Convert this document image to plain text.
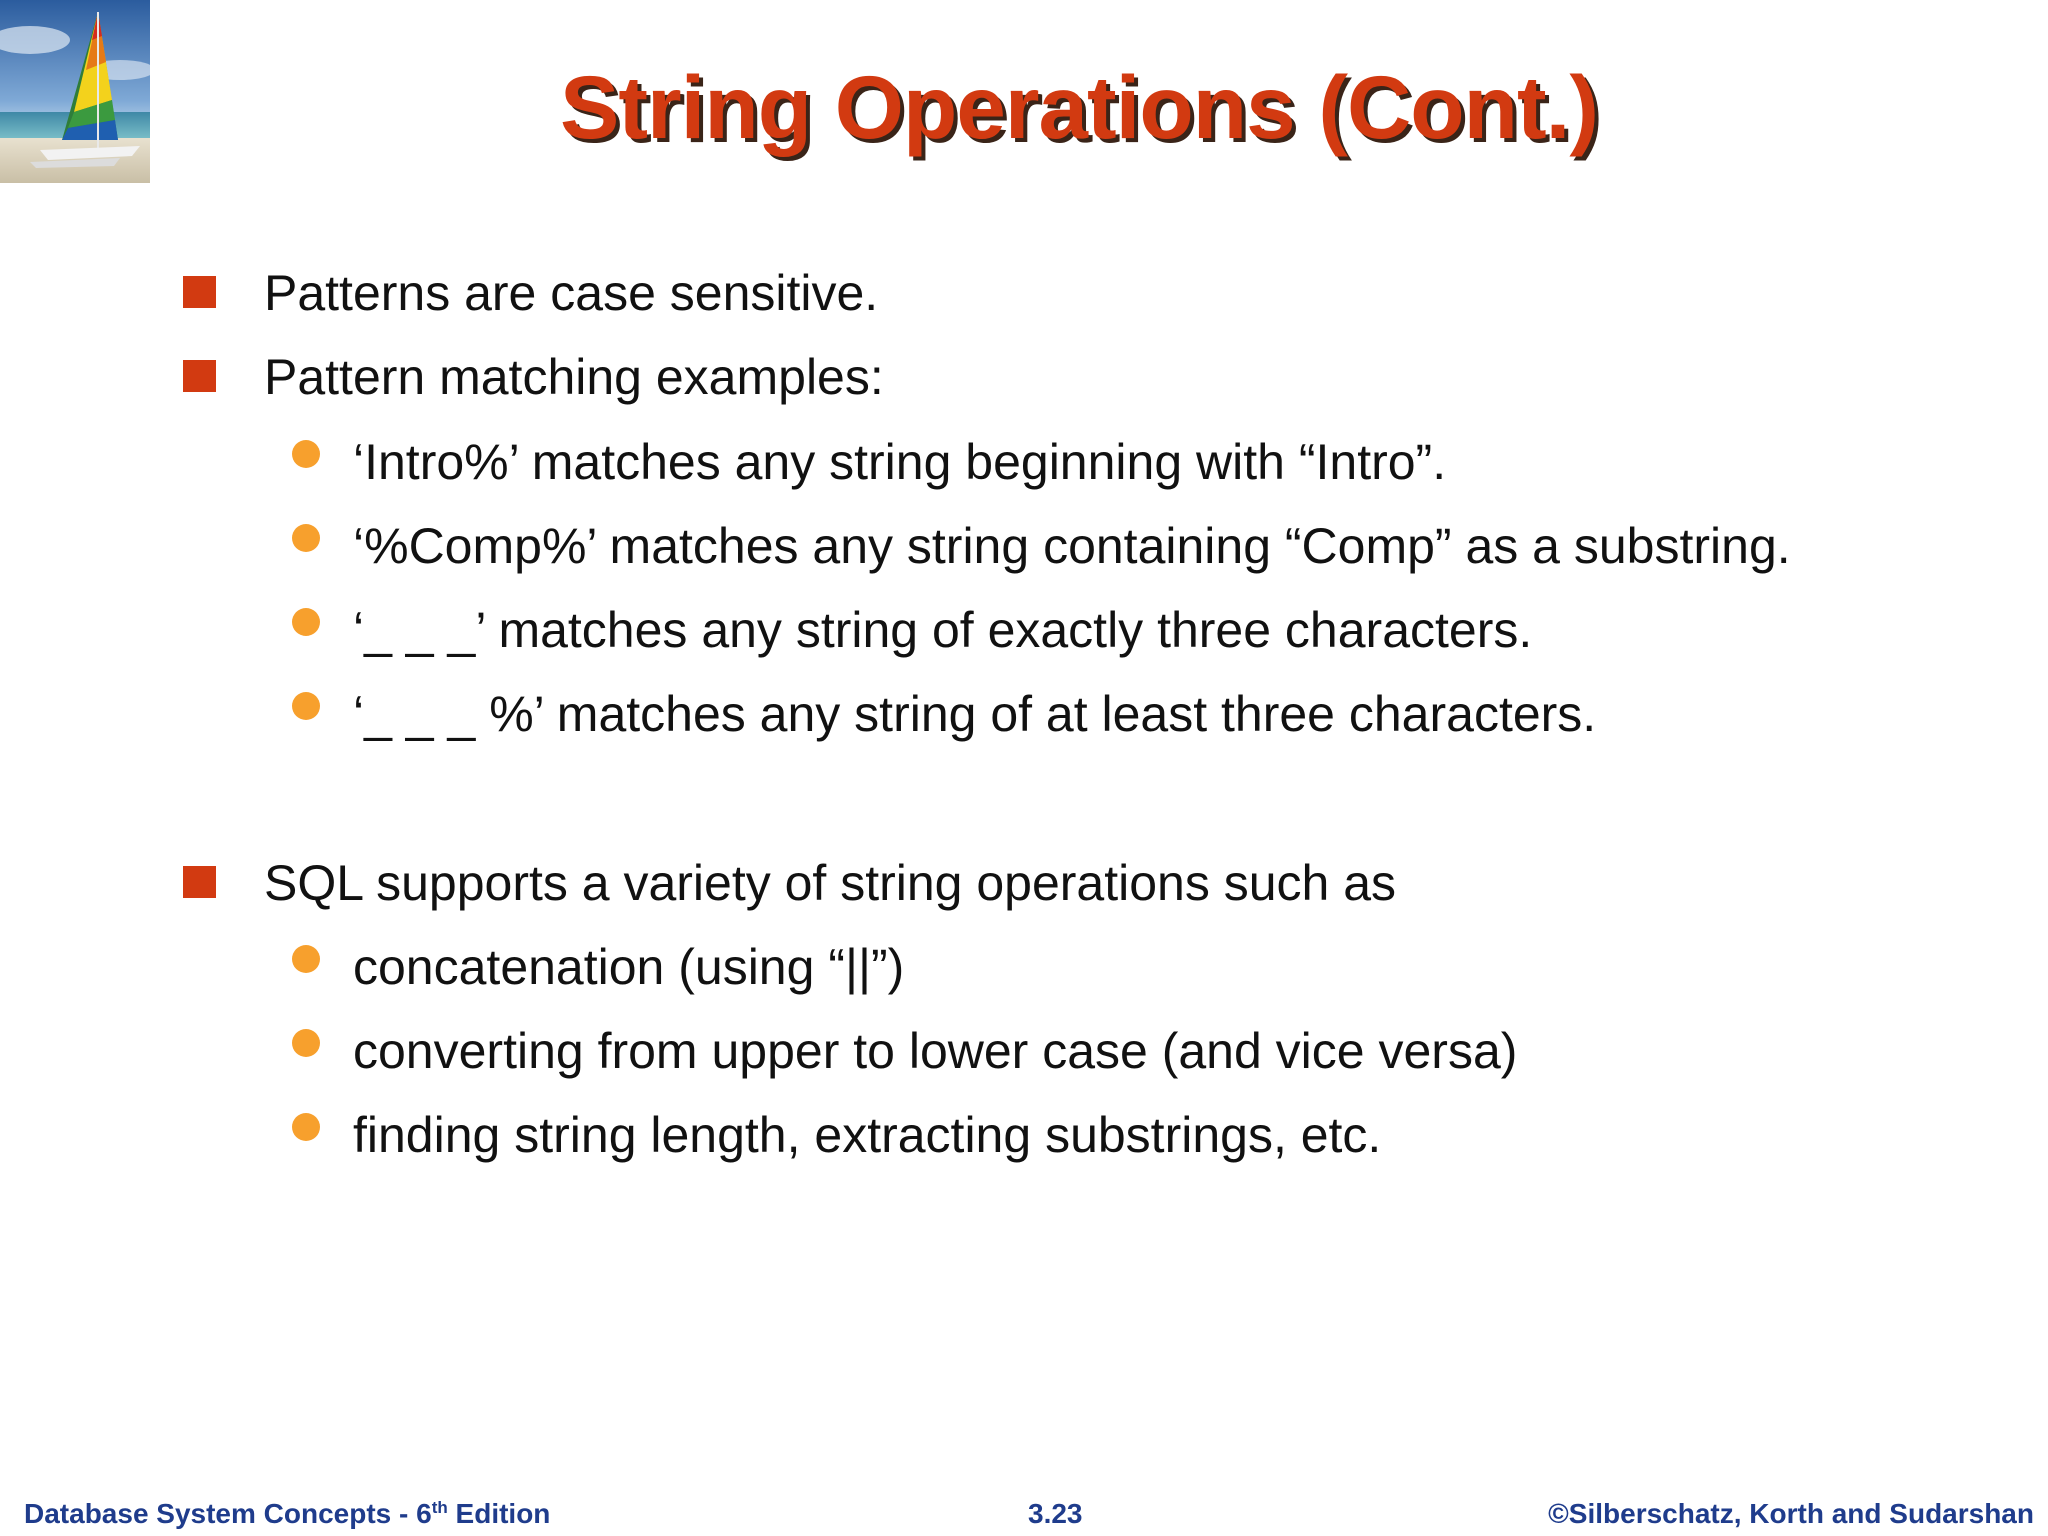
String Operations (Cont.)
Patterns are case sensitive.
Pattern matching examples:
‘Intro%’ matches any string beginning with “Intro”.
‘%Comp%’ matches any string containing “Comp” as a substring.
‘_ _ _’ matches any string of exactly three characters.
‘_ _ _ %’ matches any string of at least three characters.
SQL supports a variety of string operations such as
concatenation (using “||”)
converting from upper to lower case (and vice versa)
finding string length, extracting substrings, etc.
Database System Concepts - 6th Edition	3.23	©Silberschatz, Korth and Sudarshan
